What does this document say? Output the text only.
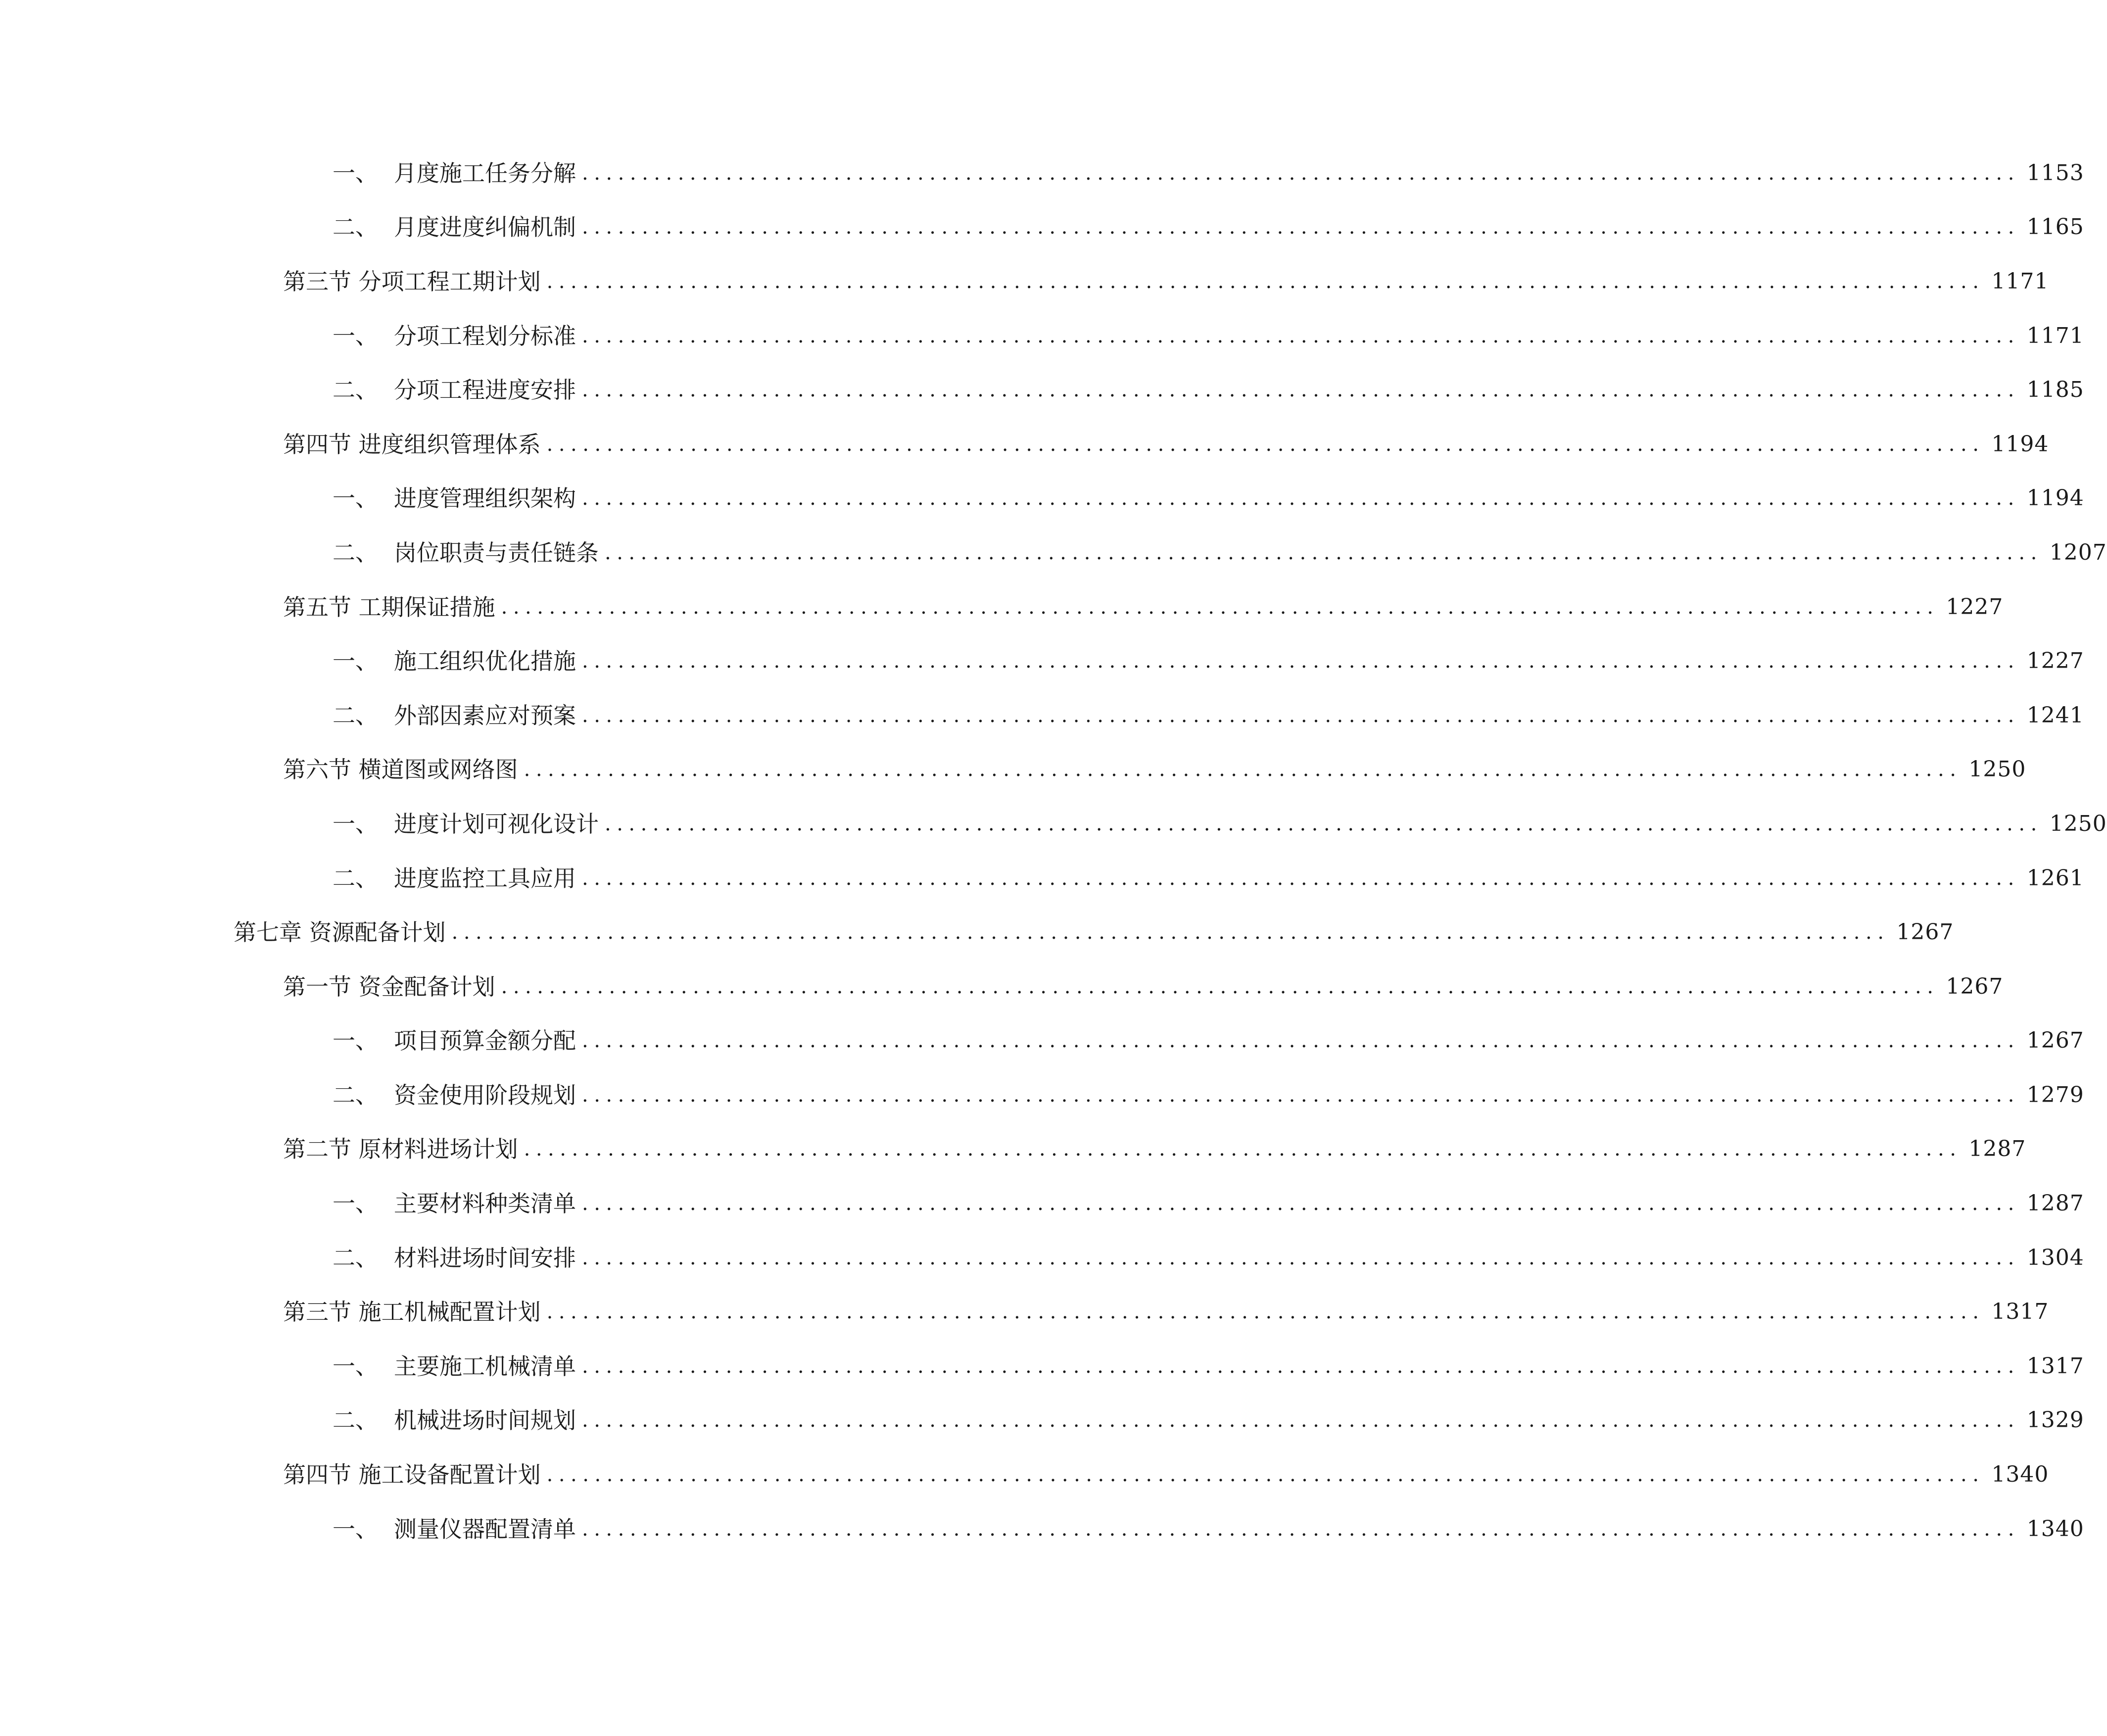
一、 月度施工任务分解 ........................................................................................................................ 1153
二、 月度进度纠偏机制 ........................................................................................................................ 1165
第三节 分项工程工期计划 ........................................................................................................................ 1171
一、 分项工程划分标准 ........................................................................................................................ 1171
二、 分项工程进度安排 ........................................................................................................................ 1185
第四节 进度组织管理体系 ........................................................................................................................ 1194
一、 进度管理组织架构 ........................................................................................................................ 1194
二、 岗位职责与责任链条 ........................................................................................................................ 1207
第五节 工期保证措施 ........................................................................................................................ 1227
一、 施工组织优化措施 ........................................................................................................................ 1227
二、 外部因素应对预案 ........................................................................................................................ 1241
第六节 横道图或网络图 ........................................................................................................................ 1250
一、 进度计划可视化设计 ........................................................................................................................ 1250
二、 进度监控工具应用 ........................................................................................................................ 1261
第七章 资源配备计划 ........................................................................................................................ 1267
第一节 资金配备计划 ........................................................................................................................ 1267
一、 项目预算金额分配 ........................................................................................................................ 1267
二、 资金使用阶段规划 ........................................................................................................................ 1279
第二节 原材料进场计划 ........................................................................................................................ 1287
一、 主要材料种类清单 ........................................................................................................................ 1287
二、 材料进场时间安排 ........................................................................................................................ 1304
第三节 施工机械配置计划 ........................................................................................................................ 1317
一、 主要施工机械清单 ........................................................................................................................ 1317
二、 机械进场时间规划 ........................................................................................................................ 1329
第四节 施工设备配置计划 ........................................................................................................................ 1340
一、 测量仪器配置清单 ........................................................................................................................ 1340
